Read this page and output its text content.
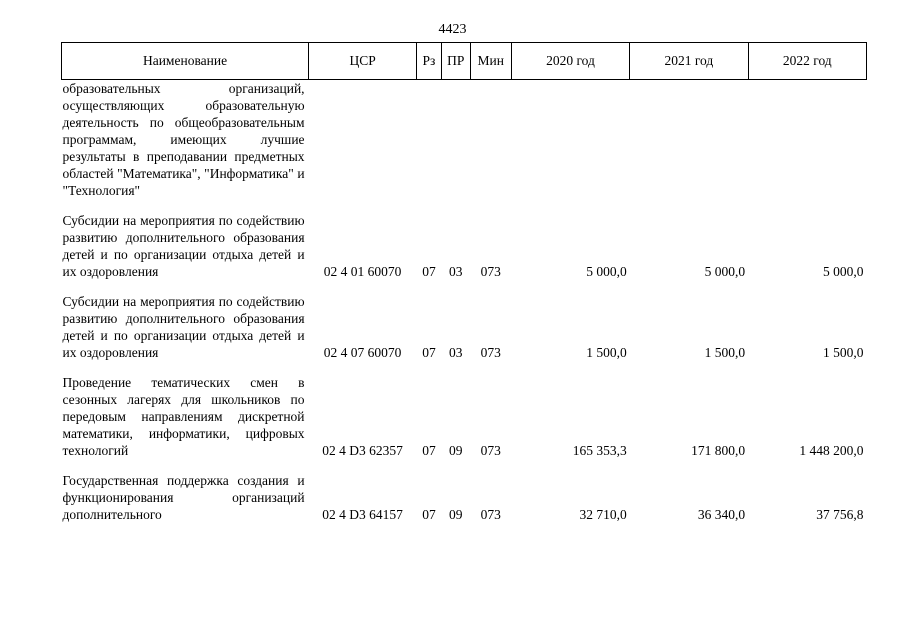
4423
Наименование	ЦСР	Рз	ПР	Мин	2020 год	2021 год	2022 год
образовательных организаций, осуществляющих образовательную деятельность по общеобразовательным программам, имеющих лучшие результаты в преподавании предметных областей "Математика", "Информатика" и "Технология"							

Субсидии на мероприятия по содействию развитию дополнительного образования детей и по организации отдыха детей и их оздоровления	02 4 01 60070	07	03	073	5 000,0	5 000,0	5 000,0

Субсидии на мероприятия по содействию развитию дополнительного образования детей и по организации отдыха детей и их оздоровления	02 4 07 60070	07	03	073	1 500,0	1 500,0	1 500,0

Проведение тематических смен в сезонных лагерях для школьников по передовым направлениям дискретной математики, информатики, цифровых технологий	02 4 D3 62357	07	09	073	165 353,3	171 800,0	1 448 200,0

Государственная поддержка создания и функционирования организаций дополнительного	02 4 D3 64157	07	09	073	32 710,0	36 340,0	37 756,8
